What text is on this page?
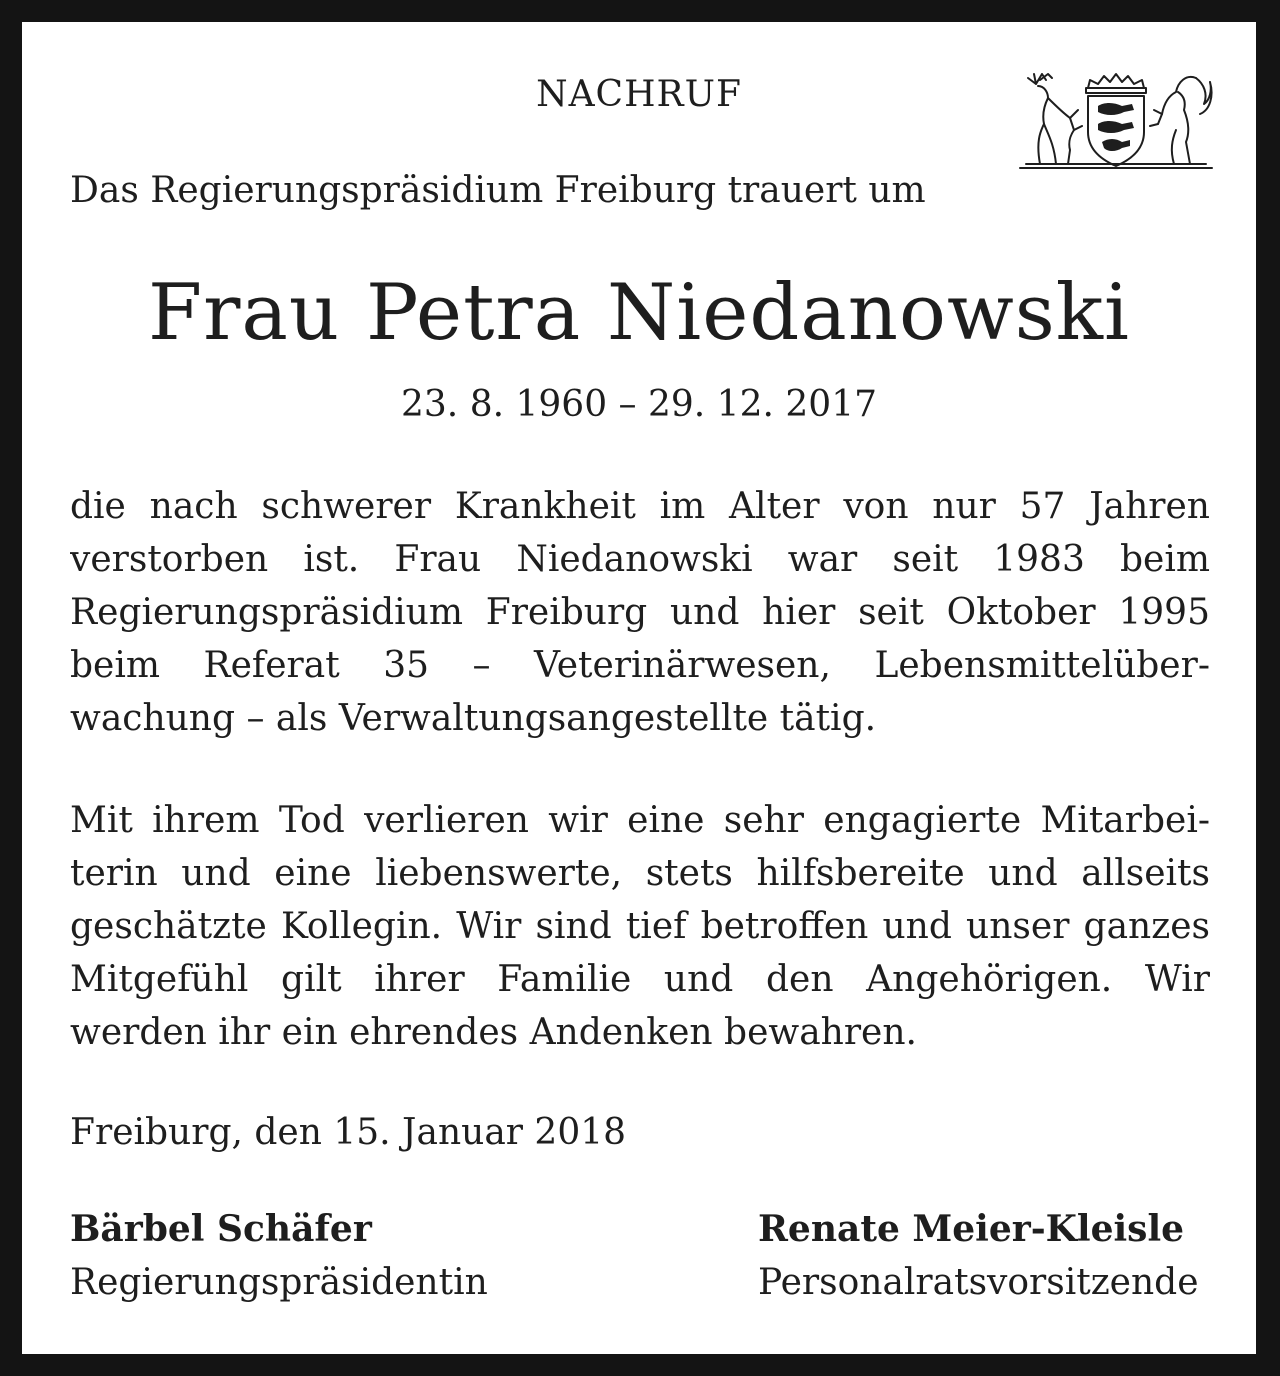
NACHRUF
Das Regierungspräsidium Freiburg trauert um
Frau Petra Niedanowski
23. 8. 1960 – 29. 12. 2017
die nach schwerer Krankheit im Alter von nur 57 Jahren
verstorben ist. Frau Niedanowski war seit 1983 beim
Regierungspräsidium Freiburg und hier seit Oktober 1995
beim Referat 35 – Veterinärwesen, Lebensmittelüber-
wachung – als Verwaltungsangestellte tätig.
Mit ihrem Tod verlieren wir eine sehr engagierte Mitarbei-
terin und eine liebenswerte, stets hilfsbereite und allseits
geschätzte Kollegin. Wir sind tief betroffen und unser ganzes
Mitgefühl gilt ihrer Familie und den Angehörigen. Wir
werden ihr ein ehrendes Andenken bewahren.
Freiburg, den 15. Januar 2018
Bärbel Schäfer
Regierungspräsidentin
Renate Meier-Kleisle
Personalratsvorsitzende
